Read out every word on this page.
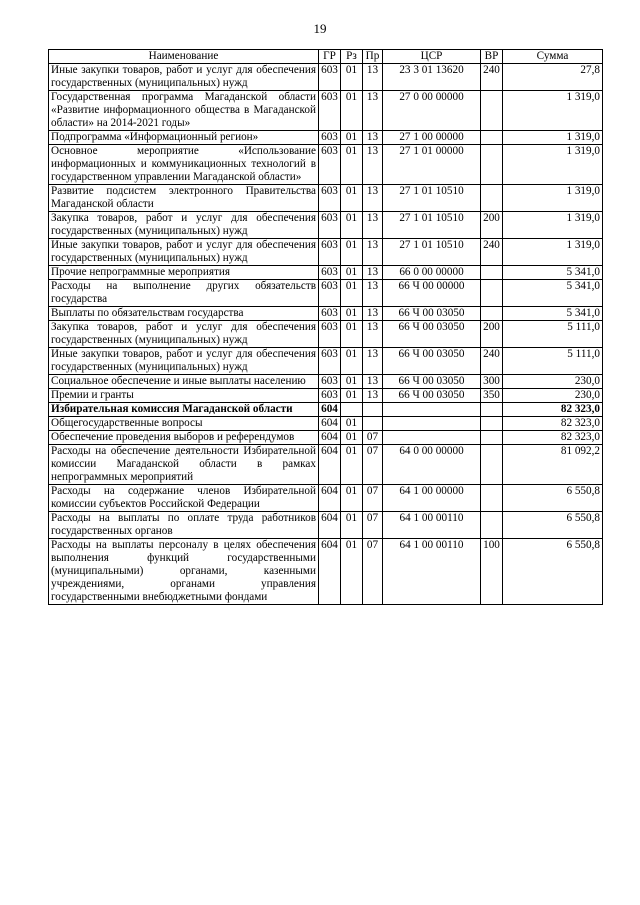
19
Наименование	ГР	Рз	Пр	ЦСР	ВР	Сумма
Иные закупки товаров, работ и услуг для обеспечения государственных (муниципальных) нужд	603	01	13	23 3 01 13620	240	27,8
Государственная программа Магаданской области «Развитие информационного общества в Магаданской области» на 2014-2021 годы»	603	01	13	27 0 00 00000		1 319,0
Подпрограмма «Информационный регион»	603	01	13	27 1 00 00000		1 319,0
Основное мероприятие «Использование информационных и коммуникационных технологий в государственном управлении Магаданской области»	603	01	13	27 1 01 00000		1 319,0
Развитие подсистем электронного Правительства Магаданской области	603	01	13	27 1 01 10510		1 319,0
Закупка товаров, работ и услуг для обеспечения государственных (муниципальных) нужд	603	01	13	27 1 01 10510	200	1 319,0
Иные закупки товаров, работ и услуг для обеспечения государственных (муниципальных) нужд	603	01	13	27 1 01 10510	240	1 319,0
Прочие непрограммные мероприятия	603	01	13	66 0 00 00000		5 341,0
Расходы на выполнение других обязательств государства	603	01	13	66 Ч 00 00000		5 341,0
Выплаты по обязательствам государства	603	01	13	66 Ч 00 03050		5 341,0
Закупка товаров, работ и услуг для обеспечения государственных (муниципальных) нужд	603	01	13	66 Ч 00 03050	200	5 111,0
Иные закупки товаров, работ и услуг для обеспечения государственных (муниципальных) нужд	603	01	13	66 Ч 00 03050	240	5 111,0
Социальное обеспечение и иные выплаты населению	603	01	13	66 Ч 00 03050	300	230,0
Премии и гранты	603	01	13	66 Ч 00 03050	350	230,0
Избирательная комиссия Магаданской области	604					82 323,0
Общегосударственные вопросы	604	01				82 323,0
Обеспечение проведения выборов и референдумов	604	01	07			82 323,0
Расходы на обеспечение деятельности Избирательной комиссии Магаданской области в рамках непрограммных мероприятий	604	01	07	64 0 00 00000		81 092,2
Расходы на содержание членов Избирательной комиссии субъектов Российской Федерации	604	01	07	64 1 00 00000		6 550,8
Расходы на выплаты по оплате труда работников государственных органов	604	01	07	64 1 00 00110		6 550,8
Расходы на выплаты персоналу в целях обеспечения выполнения функций государственными (муниципальными) органами, казенными учреждениями, органами управления государственными внебюджетными фондами	604	01	07	64 1 00 00110	100	6 550,8
